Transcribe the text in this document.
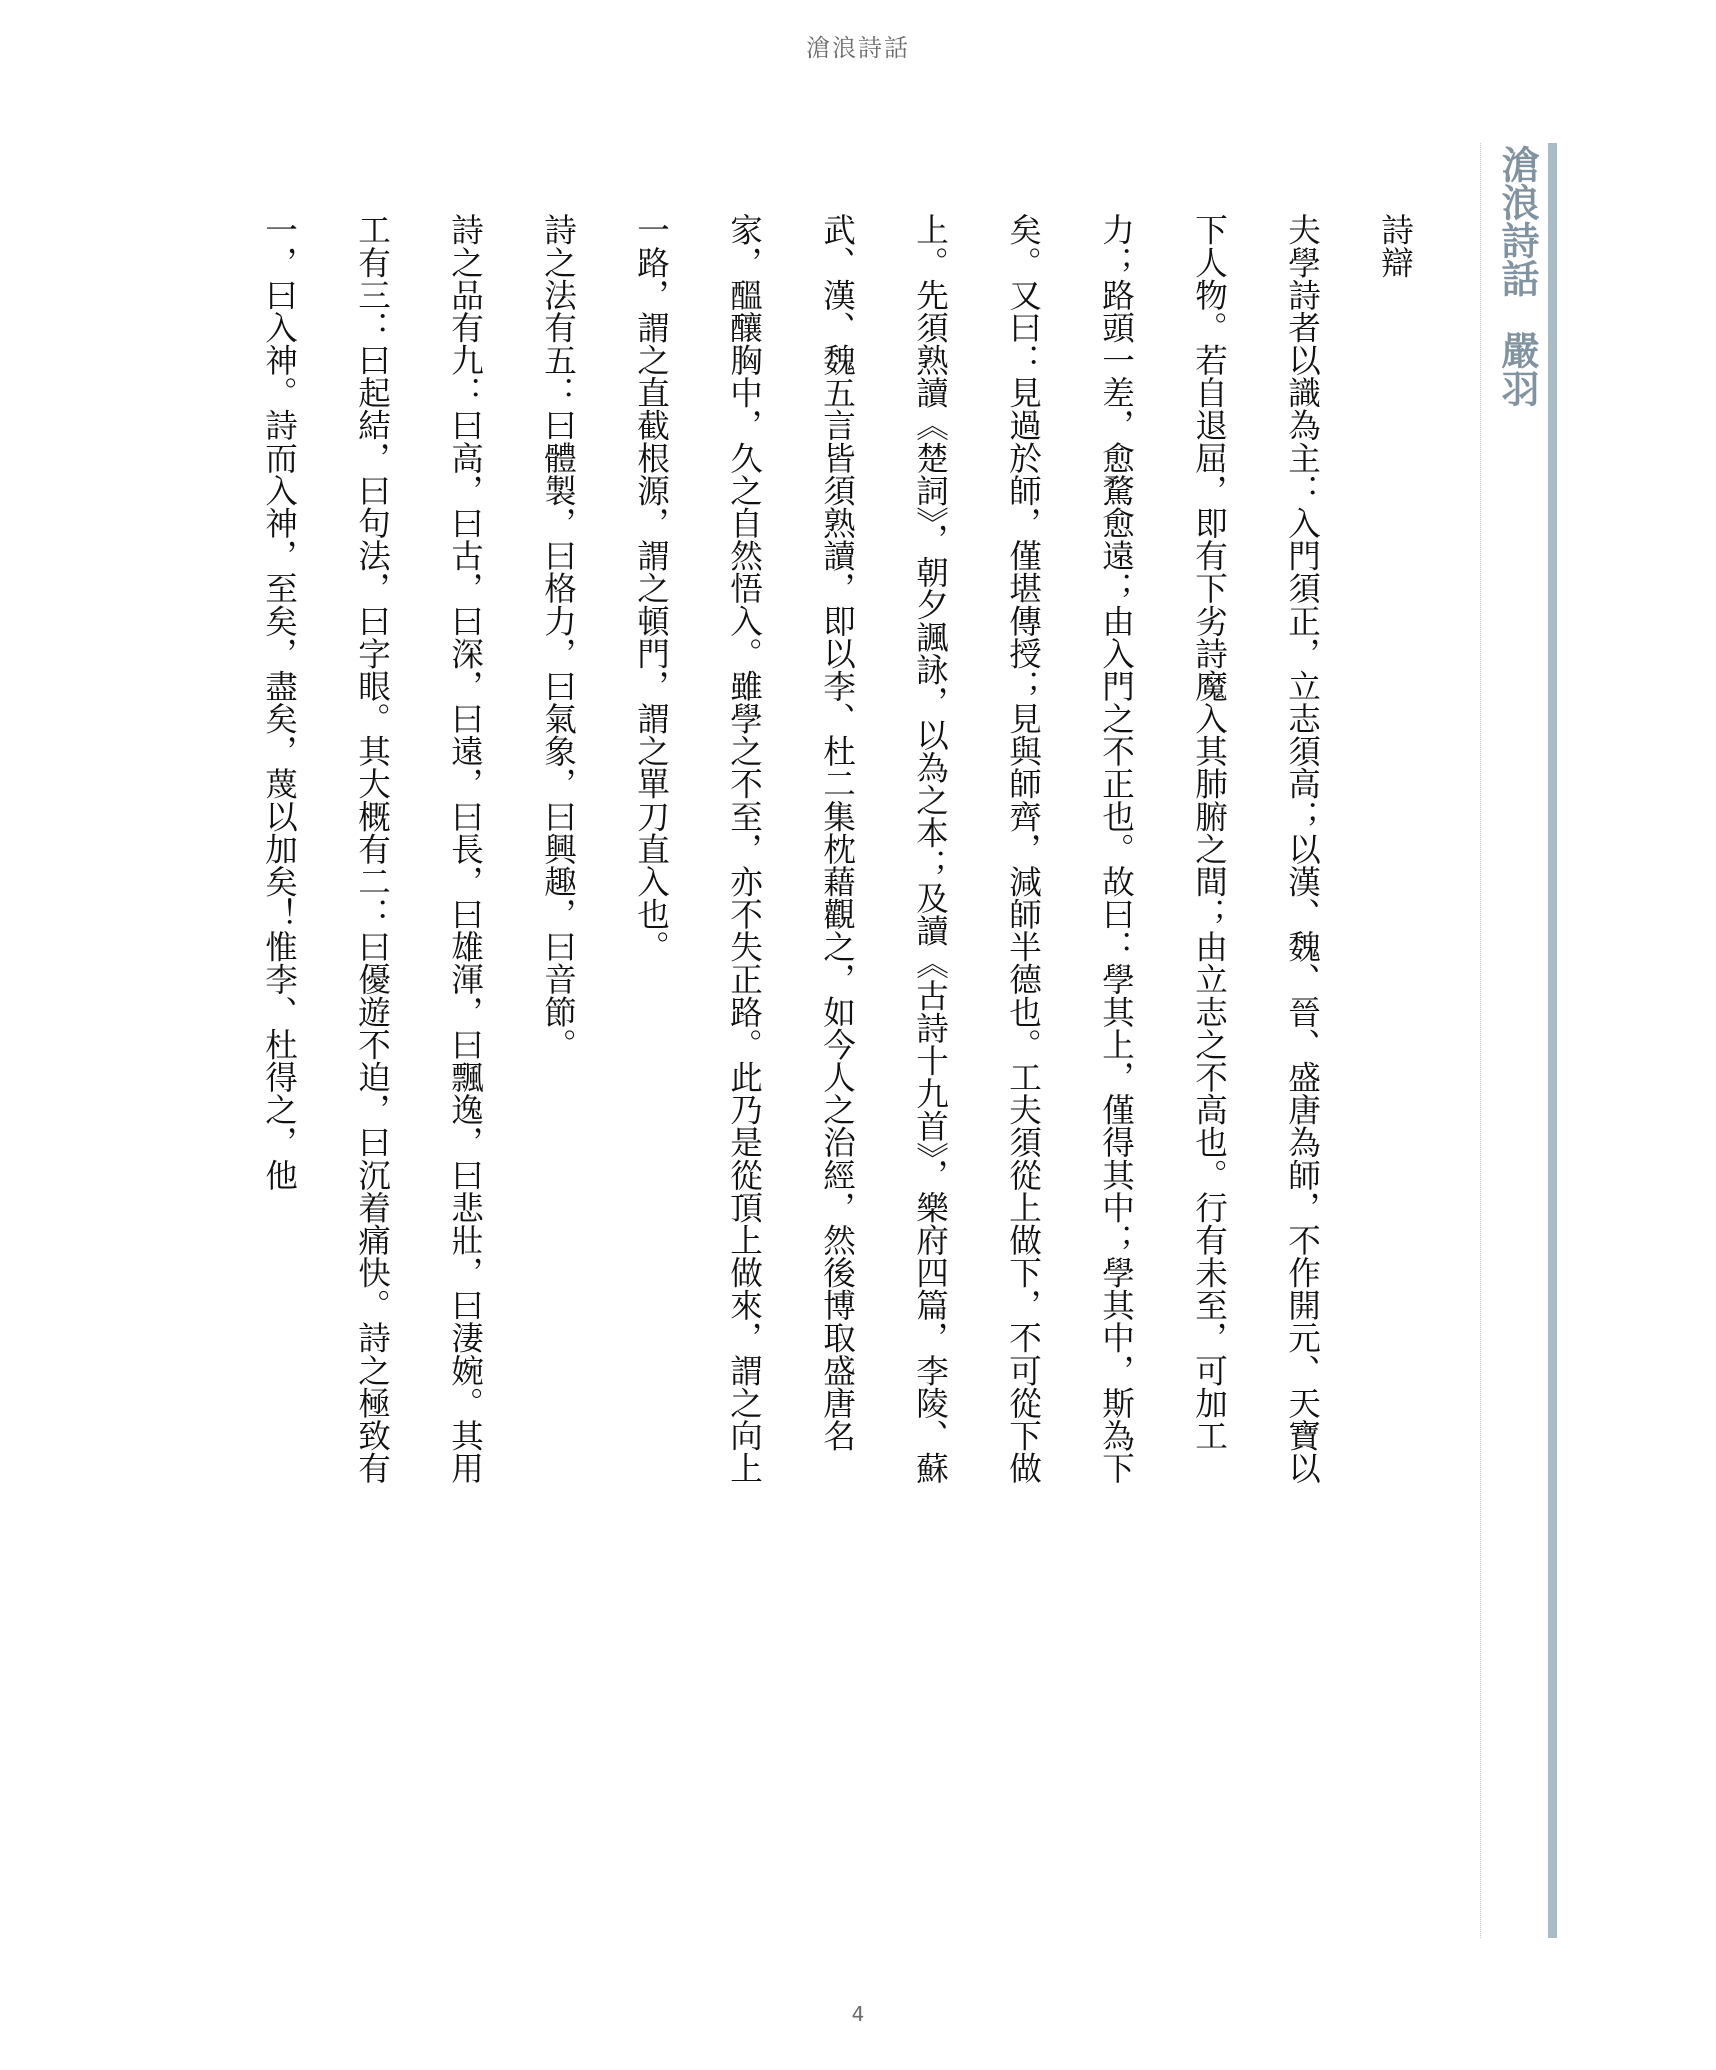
滄浪詩話
滄浪詩話嚴羽

詩辯

夫學詩者以識為主：入門須正，立志須高；以漢、魏、晉、盛唐為師，不作開元、天寶以下人物。若自退屈，即有下劣詩魔入其肺腑之間；由立志之不高也。行有未至，可加工力；路頭一差，愈騖愈遠；由入門之不正也。故曰：學其上，僅得其中；學其中，斯為下矣。又曰：見過於師，僅堪傳授；見與師齊，減師半德也。工夫須從上做下，不可從下做上。先須熟讀《楚詞》，朝夕諷詠，以為之本；及讀《古詩十九首》，樂府四篇，李陵、蘇武、漢、魏五言皆須熟讀，即以李、杜二集枕藉觀之，如今人之治經，然後博取盛唐名家，醞釀胸中，久之自然悟入。雖學之不至，亦不失正路。此乃是從頂上做來，謂之向上一路，謂之直截根源，謂之頓門，謂之單刀直入也。

詩之法有五：曰體製，曰格力，曰氣象，曰興趣，曰音節。

詩之品有九：曰高，曰古，曰深，曰遠，曰長，曰雄渾，曰飄逸，曰悲壯，曰淒婉。其用工有三：曰起結，曰句法，曰字眼。其大概有二：曰優遊不迫，曰沉着痛快。詩之極致有一，曰入神。詩而入神，至矣，盡矣，蔑以加矣！惟李、杜得之，他

4
